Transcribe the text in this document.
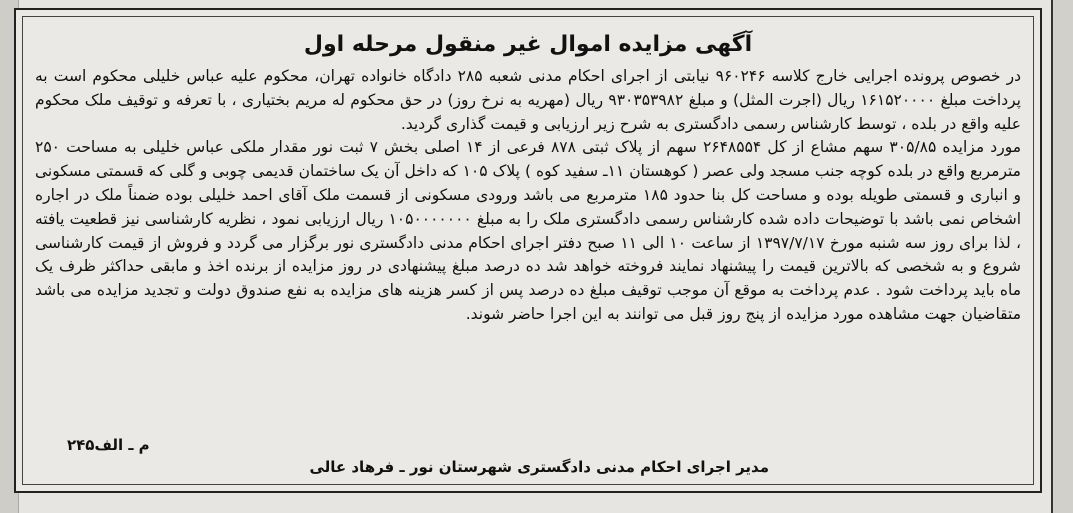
آگهی مزایده اموال غیر منقول مرحله اول

در خصوص پرونده اجرایی خارج کلاسه ۹۶۰۲۴۶ نیابتی از اجرای احکام مدنی شعبه ۲۸۵ دادگاه خانواده تهران، محکوم علیه عباس خلیلی محکوم است به پرداخت مبلغ ۱۶۱۵۲۰۰۰۰ ریال (اجرت المثل) و مبلغ ۹۳۰۳۵۳۹۸۲ ریال (مهریه به نرخ روز) در حق محکوم له مریم بختیاری ، با تعرفه و توقیف ملک محکوم علیه واقع در بلده ، توسط کارشناس رسمی دادگستری به شرح زیر ارزیابی و قیمت گذاری گردید.

مورد مزایده ۳۰۵/۸۵ سهم مشاع از کل ۲۶۴۸۵۵۴ سهم از پلاک ثبتی ۸۷۸ فرعی از ۱۴ اصلی بخش ۷ ثبت نور مقدار ملکی عباس خلیلی به مساحت ۲۵۰ مترمربع واقع در بلده کوچه جنب مسجد ولی عصر ( کوهستان ۱۱ـ سفید کوه ) پلاک ۱۰۵ که داخل آن یک ساختمان قدیمی چوبی و گلی که قسمتی مسکونی و انباری و قسمتی طویله بوده و مساحت کل بنا حدود ۱۸۵ مترمربع می باشد ورودی مسکونی از قسمت ملک آقای احمد خلیلی بوده ضمناً ملک در اجاره اشخاص نمی باشد با توضیحات داده شده کارشناس رسمی دادگستری ملک را به مبلغ ۱۰۵۰۰۰۰۰۰۰ ریال ارزیابی نمود ، نظریه کارشناسی نیز قطعیت یافته ، لذا برای روز سه شنبه مورخ ۱۳۹۷/۷/۱۷ از ساعت ۱۰ الی ۱۱ صبح دفتر اجرای احکام مدنی دادگستری نور برگزار می گردد و فروش از قیمت کارشناسی شروع و به شخصی که بالاترین قیمت را پیشنهاد نمایند فروخته خواهد شد ده درصد مبلغ پیشنهادی در روز مزایده از برنده اخذ و مابقی حداکثر ظرف یک ماه باید پرداخت شود . عدم پرداخت به موقع آن موجب توقیف مبلغ ده درصد پس از کسر هزینه های مزایده به نفع صندوق دولت و تجدید مزایده می باشد متقاضیان جهت مشاهده مورد مزایده از پنج روز قبل می توانند به این اجرا حاضر شوند.

م ـ الف۲۴۵
مدیر اجرای احکام مدنی دادگستری شهرستان نور ـ فرهاد عالی
